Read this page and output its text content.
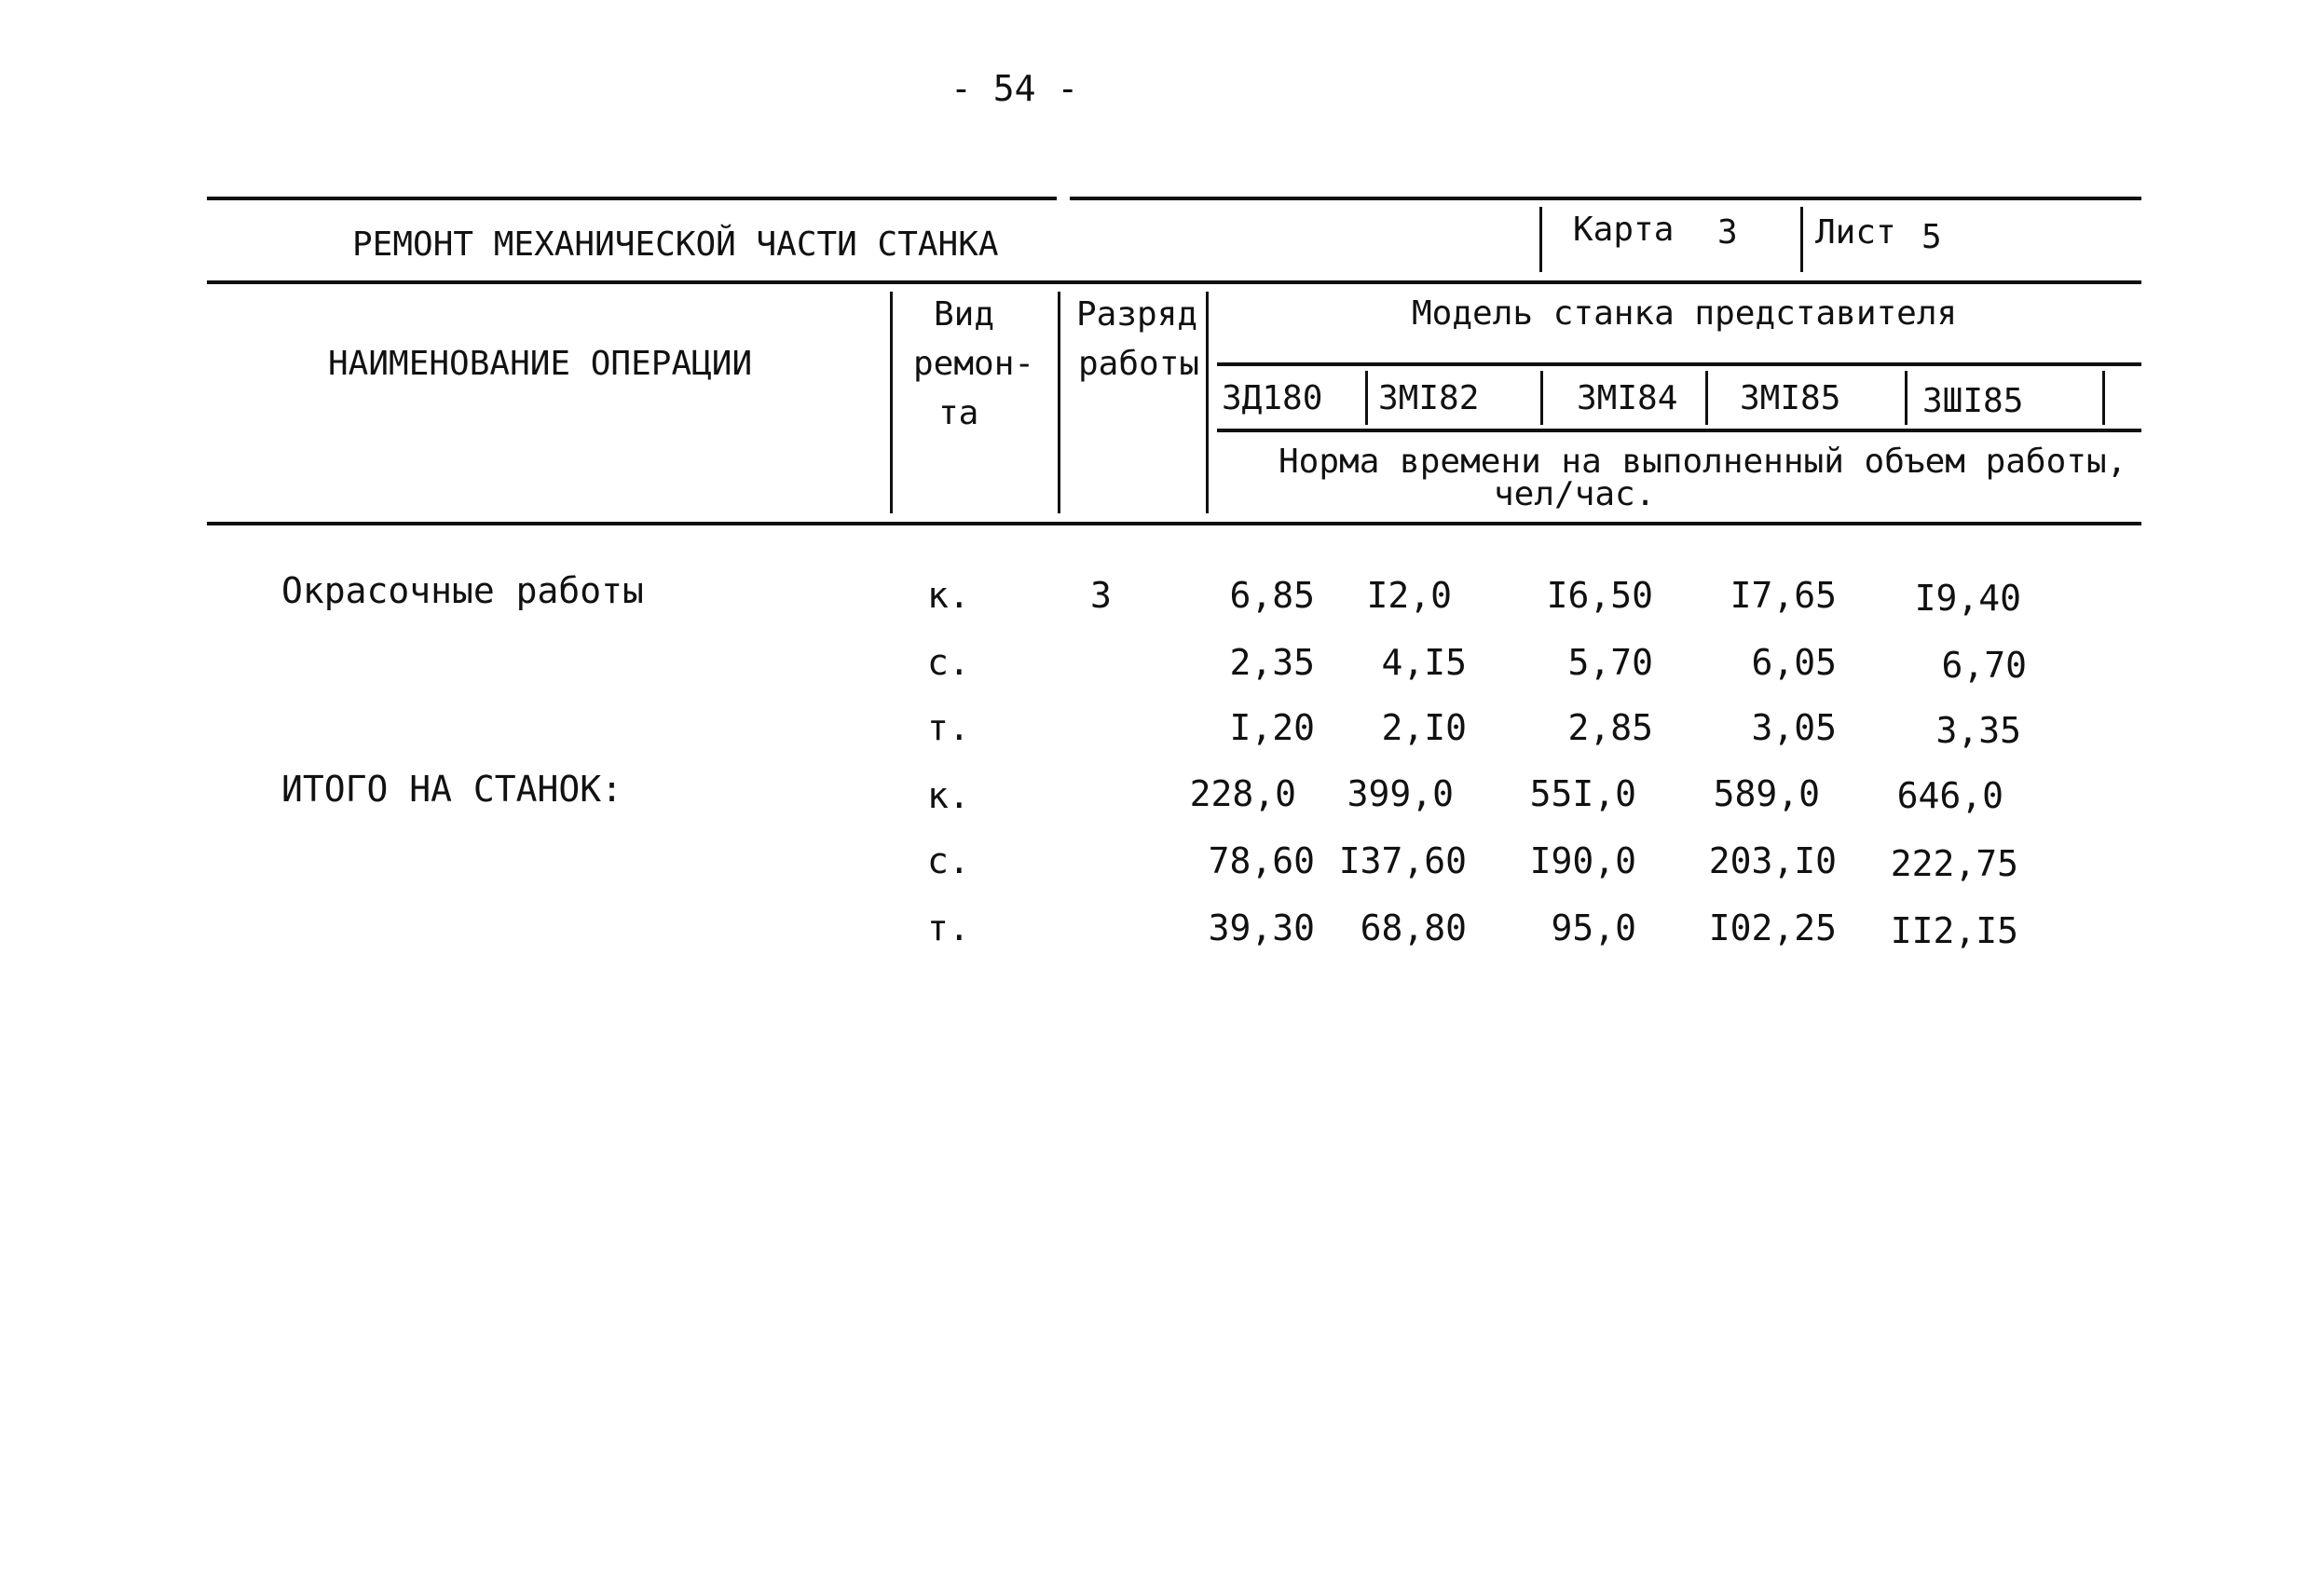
- 54 -
РЕМОНТ МЕХАНИЧЕСКОЙ ЧАСТИ СТАНКА	Карта 3 Лист 5
НАИМЕНОВАНИЕ ОПЕРАЦИИ
Вид
ремон-
та
Разряд
работы
Модель станка представителя
3Д180 3МI82	3МI84 3МI85 3ШI85
Норма времени на выполненный объем работы,
чел/час.
Окрасочные работы	к.	3	6,85 I2,0	I6,50 I7,65 I9,40
с.	2,35 4,I5	5,70	6,05	6,70
т.	I,20 2,I0	2,85	3,05	3,35
ИТОГО НА СТАНОК:	к.	228,0 399,0 55I,0 589,0 646,0
с.	78,60 I37,60 I90,0 203,I0 222,75
т.	39,30 68,80 95,0 I02,25 II2,I5
